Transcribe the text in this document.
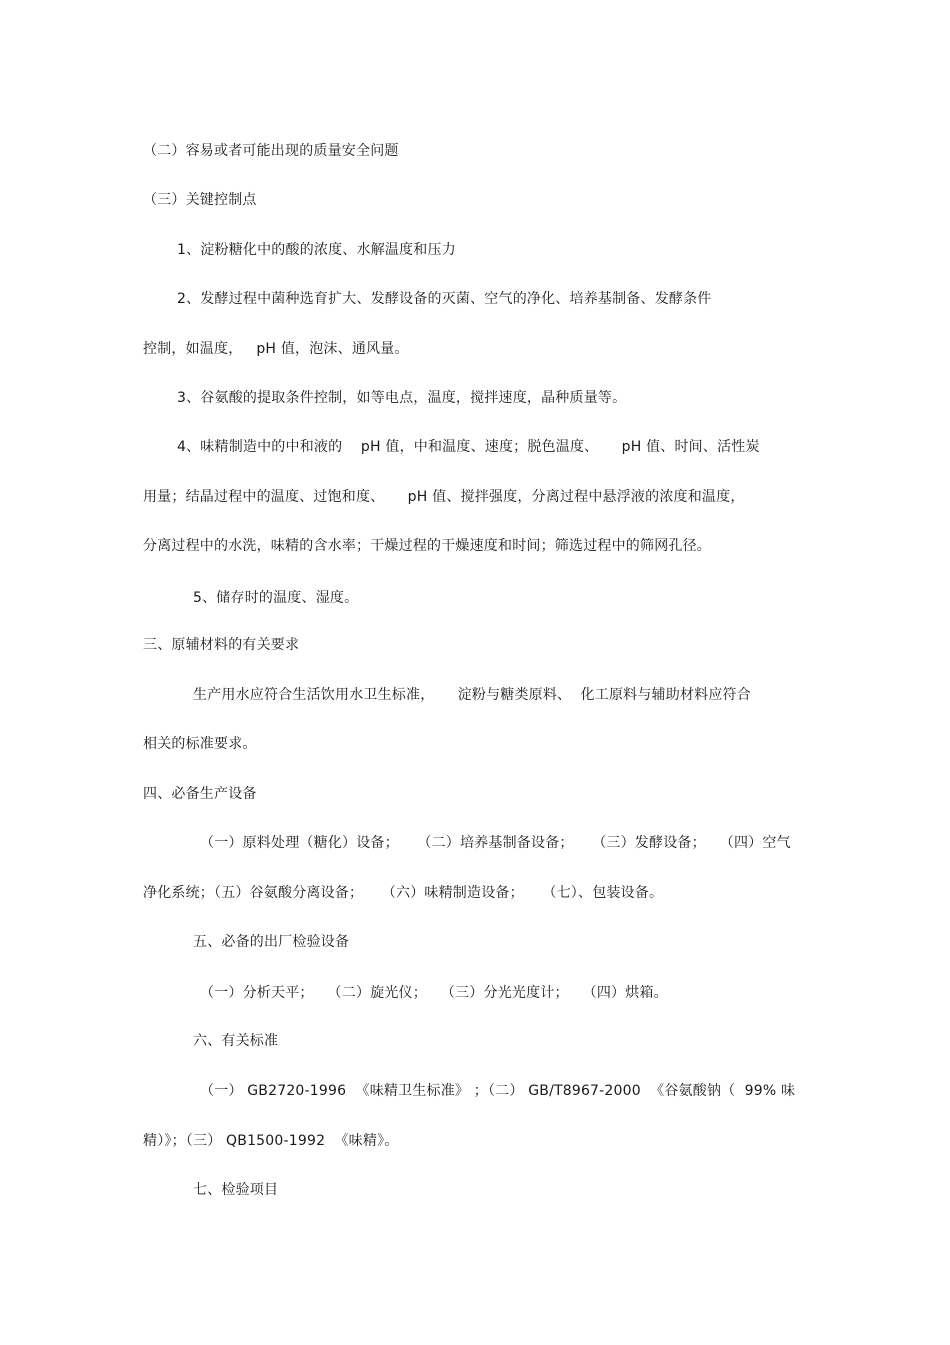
（二）容易或者可能出现的质量安全问题
（三）关键控制点
1、淀粉糖化中的酸的浓度、水解温度和压力
2、发酵过程中菌种选育扩大、发酵设备的灭菌、空气的净化、培养基制备、发酵条件
控制，如温度，   pH 值，泡沫、通风量。
3、谷氨酸的提取条件控制，如等电点，温度，搅拌速度，晶种质量等。
4、味精制造中的中和液的    pH 值，中和温度、速度；脱色温度、     pH 值、时间、活性炭
用量；结晶过程中的温度、过饱和度、     pH 值、搅拌强度，分离过程中悬浮液的浓度和温度，
分离过程中的水洗，味精的含水率；干燥过程的干燥速度和时间；筛选过程中的筛网孔径。
5、储存时的温度、湿度。
三、原辅材料的有关要求
生产用水应符合生活饮用水卫生标准，     淀粉与糖类原料、  化工原料与辅助材料应符合
相关的标准要求。
四、必备生产设备
（一）原料处理（糖化）设备；    （二）培养基制备设备；    （三）发酵设备；   （四）空气
净化系统；（五）谷氨酸分离设备；    （六）味精制造设备；    （七）、包装设备。
五、必备的出厂检验设备
（一）分析天平；   （二）旋光仪；   （三）分光光度计；   （四）烘箱。
六、有关标准
（一） GB2720-1996  《味精卫生标准》 ；（二） GB/T8967-2000  《谷氨酸钠（  99% 味
精）》；（三） QB1500-1992  《味精》。
七、检验项目
